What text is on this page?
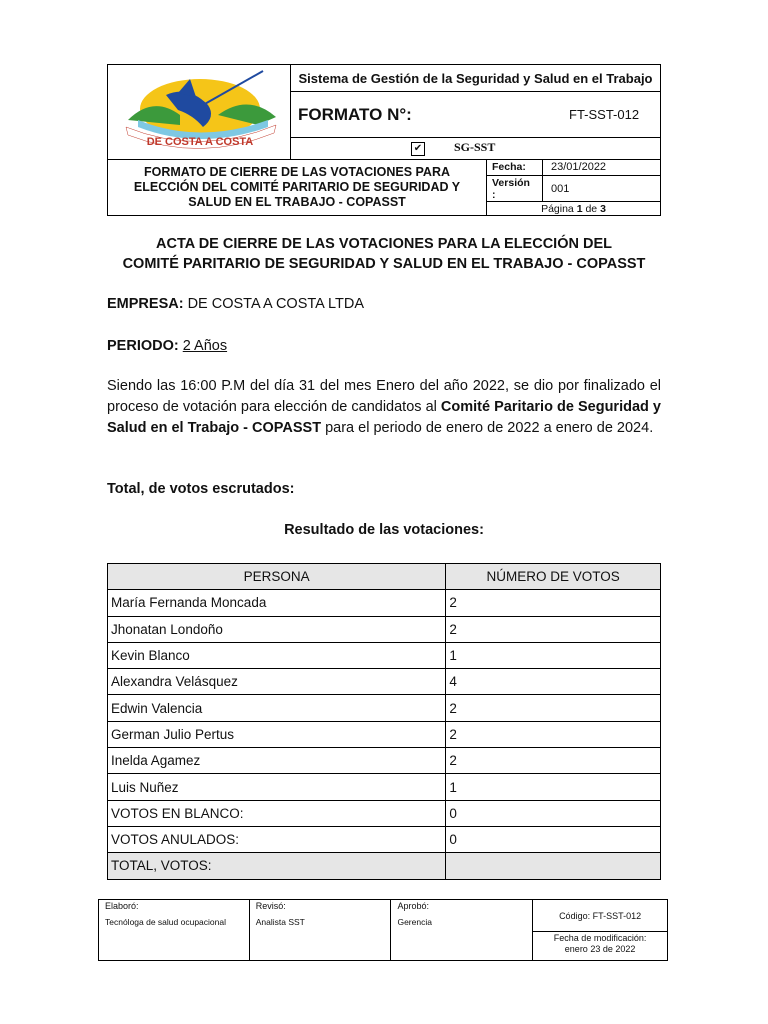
DE COSTA A COSTA
Sistema de Gestión de la Seguridad y Salud en el Trabajo
FORMATO N°:	FT-SST-012
✔	SG-SST
FORMATO DE CIERRE DE LAS VOTACIONES PARA
ELECCIÓN DEL COMITÉ PARITARIO DE SEGURIDAD Y
SALUD EN EL TRABAJO - COPASST
Fecha: 23/01/2022
Versión
:	001
Página 1 de 3
ACTA DE CIERRE DE LAS VOTACIONES PARA LA ELECCIÓN DEL
COMITÉ PARITARIO DE SEGURIDAD Y SALUD EN EL TRABAJO - COPASST
EMPRESA: DE COSTA A COSTA LTDA
PERIODO: 2 Años
Siendo las 16:00 P.M del día 31 del mes Enero del año 2022, se dio por finalizado el proceso de votación para elección de candidatos al Comité Paritario de Seguridad y Salud en el Trabajo - COPASST para el periodo de enero de 2022 a enero de 2024.
Total, de votos escrutados:
Resultado de las votaciones:
PERSONA	NÚMERO DE VOTOS
María Fernanda Moncada	2
Jhonatan Londoño	2
Kevin Blanco	1
Alexandra Velásquez	4
Edwin Valencia	2
German Julio Pertus	2
Inelda Agamez	2
Luis Nuñez	1
VOTOS EN BLANCO:	0
VOTOS ANULADOS:	0
TOTAL, VOTOS:	
Elaboró:
Tecnóloga de salud ocupacional

Revisó:
Analista SST

Aprobó:
Gerencia
	Código: FT-SST-012

Fecha de modificación:
enero 23 de 2022
